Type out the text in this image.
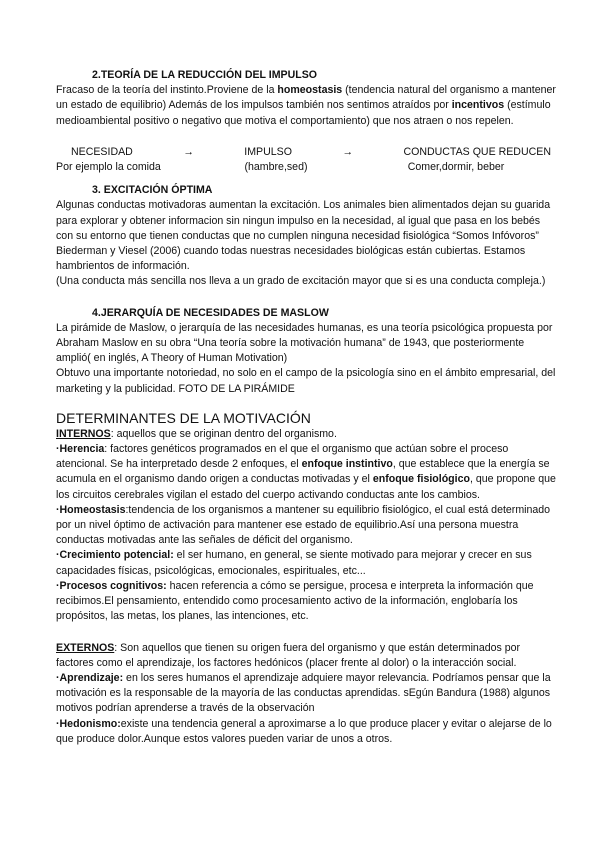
2.TEORÍA DE LA REDUCCIÓN DEL IMPULSO

Fracaso de la teoría del instinto.Proviene de la homeostasis (tendencia natural del organismo a mantener un estado de equilibrio) Además de los impulsos también nos sentimos atraídos por incentivos (estímulo medioambiental positivo o negativo que motiva el comportamiento) que nos atraen o nos repelen.

NECESIDAD	→	IMPULSO	→	CONDUCTAS QUE REDUCEN
Por ejemplo la comida	(hambre,sed)	Comer,dormir, beber

3. EXCITACIÓN ÓPTIMA

Algunas conductas motivadoras aumentan la excitación. Los animales bien alimentados dejan su guarida para explorar y obtener informacion sin ningun impulso en la necesidad, al igual que pasa en los bebés con su entorno que tienen conductas que no cumplen ninguna necesidad fisiológica “Somos Infóvoros” Biederman y Viesel (2006) cuando todas nuestras necesidades biológicas están cubiertas. Estamos hambrientos de información.

(Una conducta más sencilla nos lleva a un grado de excitación mayor que si es una conducta compleja.)

4.JERARQUÍA DE NECESIDADES DE MASLOW

La pirámide de Maslow, o jerarquía de las necesidades humanas, es una teoría psicológica propuesta por Abraham Maslow en su obra “Una teoría sobre la motivación humana” de 1943, que posteriormente amplió( en inglés, A Theory of Human Motivation)

Obtuvo una importante notoriedad, no solo en el campo de la psicología sino en el ámbito empresarial, del marketing y la publicidad. FOTO DE LA PIRÁMIDE

DETERMINANTES DE LA MOTIVACIÓN

INTERNOS: aquellos que se originan dentro del organismo.

·Herencia: factores genéticos programados en el que el organismo que actúan sobre el proceso atencional. Se ha interpretado desde 2 enfoques, el enfoque instintivo, que establece que la energía se acumula en el organismo dando origen a conductas motivadas y el enfoque fisiológico, que propone que los circuitos cerebrales vigilan el estado del cuerpo activando conductas ante los cambios.

·Homeostasis:tendencia de los organismos a mantener su equilibrio fisiológico, el cual está determinado por un nivel óptimo de activación para mantener ese estado de equilibrio.Así una persona muestra conductas motivadas ante las señales de déficit del organismo.

·Crecimiento potencial: el ser humano, en general, se siente motivado para mejorar y crecer en sus capacidades físicas, psicológicas, emocionales, espirituales, etc...

·Procesos cognitivos: hacen referencia a cómo se persigue, procesa e interpreta la información que recibimos.El pensamiento, entendido como procesamiento activo de la información, englobaría los propósitos, las metas, los planes, las intenciones, etc.

EXTERNOS: Son aquellos que tienen su origen fuera del organismo y que están determinados por factores como el aprendizaje, los factores hedónicos (placer frente al dolor) o la interacción social.

·Aprendizaje: en los seres humanos el aprendizaje adquiere mayor relevancia. Podríamos pensar que la motivación es la responsable de la mayoría de las conductas aprendidas. sEgún Bandura (1988) algunos motivos podrían aprenderse a través de la observación

·Hedonismo:existe una tendencia general a aproximarse a lo que produce placer y evitar o alejarse de lo que produce dolor.Aunque estos valores pueden variar de unos a otros.
